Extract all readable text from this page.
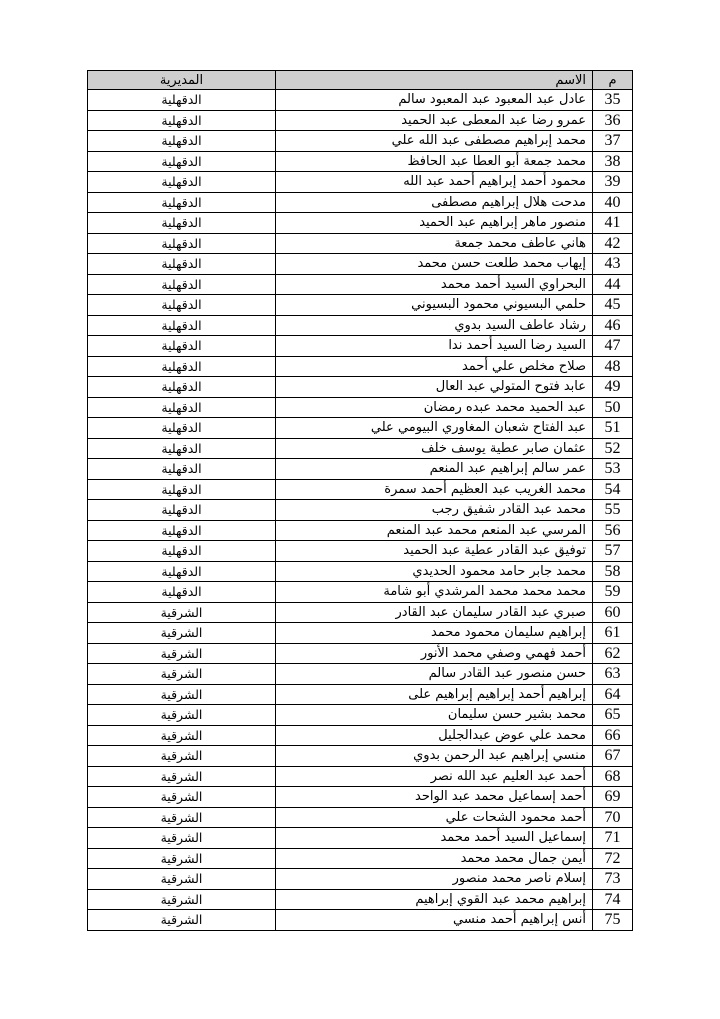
م	الاسم	المديرية
35	عادل عبد المعبود عبد المعبود سالم	الدقهلية
36	عمرو رضا عبد المعطى عبد الحميد	الدقهلية
37	محمد إبراهيم مصطفى عبد الله علي	الدقهلية
38	محمد جمعة أبو العطا عبد الحافظ	الدقهلية
39	محمود أحمد إبراهيم أحمد عبد الله	الدقهلية
40	مدحت هلال إبراهيم مصطفى	الدقهلية
41	منصور ماهر إبراهيم عبد الحميد	الدقهلية
42	هاني عاطف محمد جمعة	الدقهلية
43	إيهاب محمد طلعت حسن محمد	الدقهلية
44	البحراوي السيد أحمد محمد	الدقهلية
45	حلمي البسيوني محمود البسيوني	الدقهلية
46	رشاد عاطف السيد بدوي	الدقهلية
47	السيد رضا السيد أحمد ندا	الدقهلية
48	صلاح مخلص علي أحمد	الدقهلية
49	عابد فتوح المتولي عبد العال	الدقهلية
50	عبد الحميد محمد عبده رمضان	الدقهلية
51	عبد الفتاح شعبان المغاوري البيومي علي	الدقهلية
52	عثمان صابر عطية يوسف خلف	الدقهلية
53	عمر سالم إبراهيم عبد المنعم	الدقهلية
54	محمد الغريب عبد العظيم أحمد سمرة	الدقهلية
55	محمد عبد القادر شفيق رجب	الدقهلية
56	المرسي عبد المنعم محمد عبد المنعم	الدقهلية
57	توفيق عبد القادر عطية عبد الحميد	الدقهلية
58	محمد جابر حامد محمود الحديدي	الدقهلية
59	محمد محمد محمد المرشدي أبو شامة	الدقهلية
60	صبري عبد القادر سليمان عبد القادر	الشرقية
61	إبراهيم سليمان محمود محمد	الشرقية
62	أحمد فهمي وصفي محمد الأنور	الشرقية
63	حسن منصور عبد القادر سالم	الشرقية
64	إبراهيم أحمد إبراهيم إبراهيم على	الشرقية
65	محمد بشير حسن سليمان	الشرقية
66	محمد علي عوض عبدالجليل	الشرقية
67	منسي إبراهيم عبد الرحمن بدوي	الشرقية
68	أحمد عبد العليم عبد الله نصر	الشرقية
69	أحمد إسماعيل محمد عبد الواحد	الشرقية
70	أحمد محمود الشحات علي	الشرقية
71	إسماعيل السيد أحمد محمد	الشرقية
72	أيمن جمال محمد محمد	الشرقية
73	إسلام ناصر محمد منصور	الشرقية
74	إبراهيم محمد عبد القوي إبراهيم	الشرقية
75	أنس إبراهيم أحمد منسي	الشرقية
